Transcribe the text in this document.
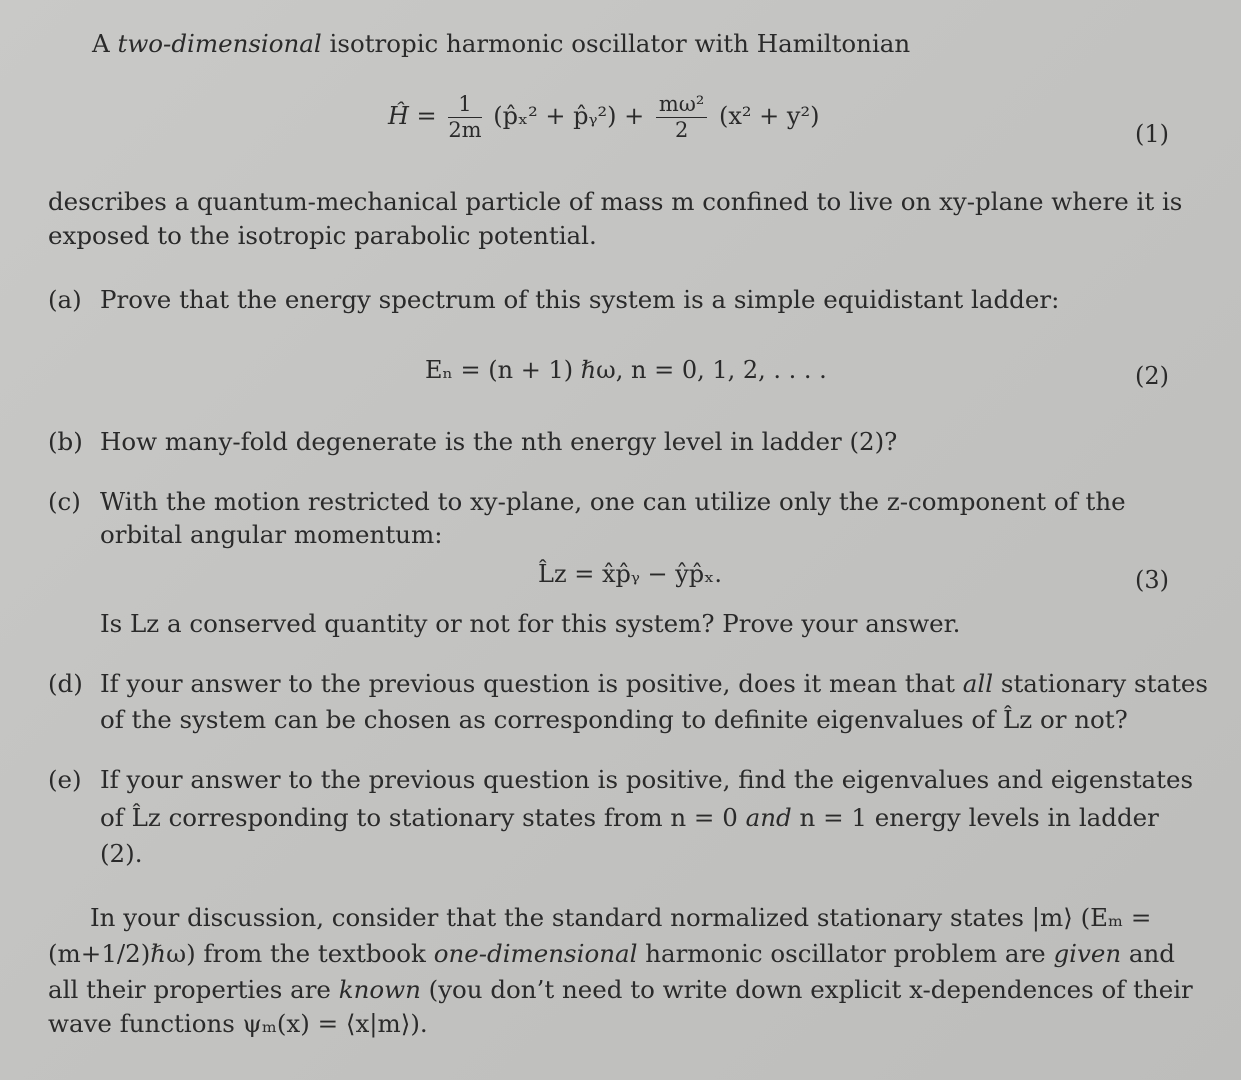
A two-dimensional isotropic harmonic oscillator with Hamiltonian
Ĥ = $\frac{1}{2m}$ (p̂ₓ² + p̂ᵧ²) + $\frac{\text{mω²}}{2} (x^2 + y^2)$
(1)
describes a quantum-mechanical particle of mass m confined to live on xy-plane where it is
exposed to the isotropic parabolic potential.
(a) Prove that the energy spectrum of this system is a simple equidistant ladder:
Eₙ = (n + 1) ℏω, n = 0, 1, 2, . . . .	(2)
(b) How many-fold degenerate is the nth energy level in ladder (2)?
(c) With the motion restricted to xy-plane, one can utilize only the z-component of the
orbital angular momentum:
L̂z = x̂p̂ᵧ − ŷp̂ₓ.	(3)
Is Lz a conserved quantity or not for this system? Prove your answer.
(d) If your answer to the previous question is positive, does it mean that all stationary states
of the system can be chosen as corresponding to definite eigenvalues of L̂z or not?
(e) If your answer to the previous question is positive, find the eigenvalues and eigenstates
of L̂z corresponding to stationary states from n = 0 and n = 1 energy levels in ladder
(2).
In your discussion, consider that the standard normalized stationary states |m⟩ (Eₘ =
(m+1/2)ℏω) from the textbook one-dimensional harmonic oscillator problem are given and
all their properties are known (you don’t need to write down explicit x-dependences of their
wave functions ψₘ(x) = ⟨x|m⟩).
